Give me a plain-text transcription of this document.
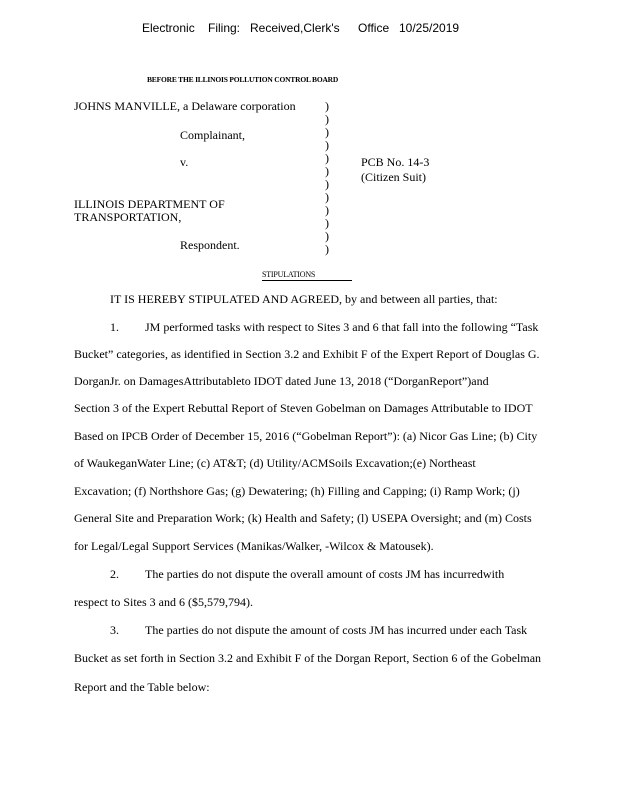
Electronic Filing: Received,Clerk's Office 10/25/2019
BEFORE THE ILLINOIS POLLUTION CONTROL BOARD
JOHNS MANVILLE, a Delaware corporation
Complainant,
v.	PCB No. 14-3
(Citizen Suit)
ILLINOIS DEPARTMENT OF
TRANSPORTATION,
Respondent.
)
)
)
)
)
)
)
)
)
)
)
)
STIPULATIONS
IT IS HEREBY STIPULATED AND AGREED, by and between all parties, that:
1. JM performed tasks with respect to Sites 3 and 6 that fall into the following “Task
Bucket” categories, as identified in Section 3.2 and Exhibit F of the Expert Report of Douglas G.
DorganJr. on DamagesAttributableto IDOT dated June 13, 2018 (“DorganReport”)and
Section 3 of the Expert Rebuttal Report of Steven Gobelman on Damages Attributable to IDOT
Based on IPCB Order of December 15, 2016 (“Gobelman Report”): (a) Nicor Gas Line; (b) City
of WaukeganWater Line; (c) AT&T; (d) Utility/ACMSoils Excavation;(e) Northeast
Excavation; (f) Northshore Gas; (g) Dewatering; (h) Filling and Capping; (i) Ramp Work; (j)
General Site and Preparation Work; (k) Health and Safety; (l) USEPA Oversight; and (m) Costs
for Legal/Legal Support Services (Manikas/Walker, -Wilcox & Matousek).
2. The parties do not dispute the overall amount of costs JM has incurredwith
respect to Sites 3 and 6 ($5,579,794).
3. The parties do not dispute the amount of costs JM has incurred under each Task
Bucket as set forth in Section 3.2 and Exhibit F of the Dorgan Report, Section 6 of the Gobelman
Report and the Table below:
